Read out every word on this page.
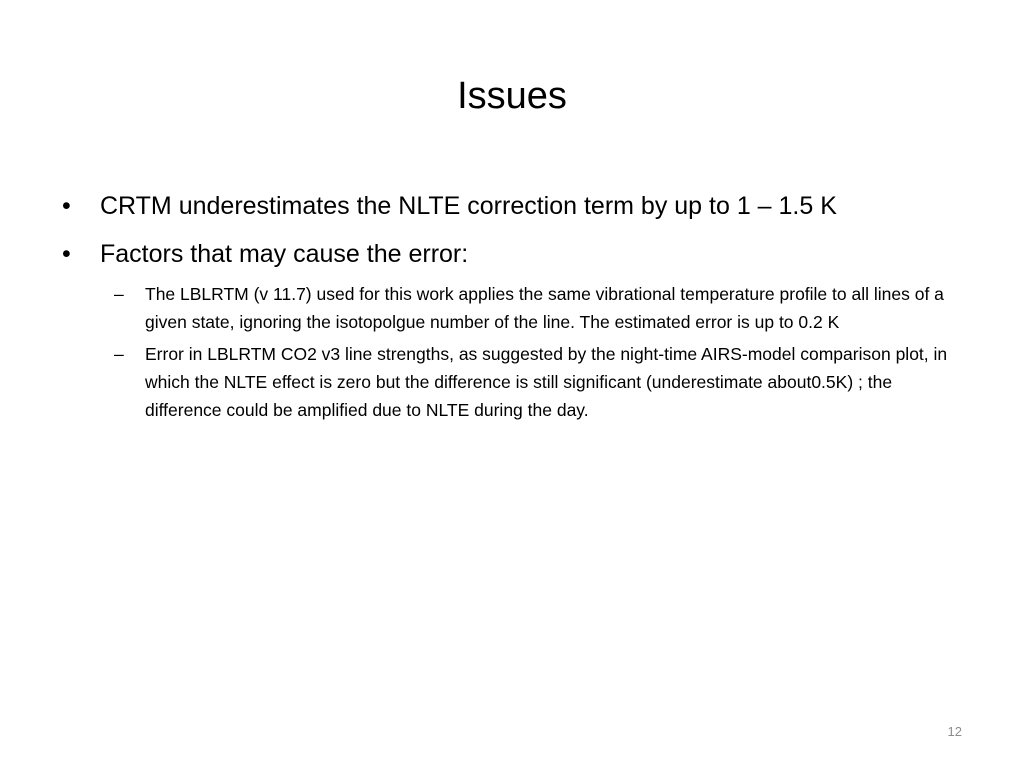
Issues
•	CRTM underestimates the NLTE correction term by up to 1 – 1.5 K
•	Factors that may cause the error:
–	The LBLRTM (v 11.7) used for this work applies the same vibrational temperature profile to all lines of a given state, ignoring the isotopolgue number of the line. The estimated error is up to 0.2 K
–	Error in LBLRTM CO2 v3 line strengths, as suggested by the night-time AIRS-model comparison plot, in which the NLTE effect is zero but the difference is still significant (underestimate about0.5K) ; the difference could be amplified due to NLTE during the day.
12
